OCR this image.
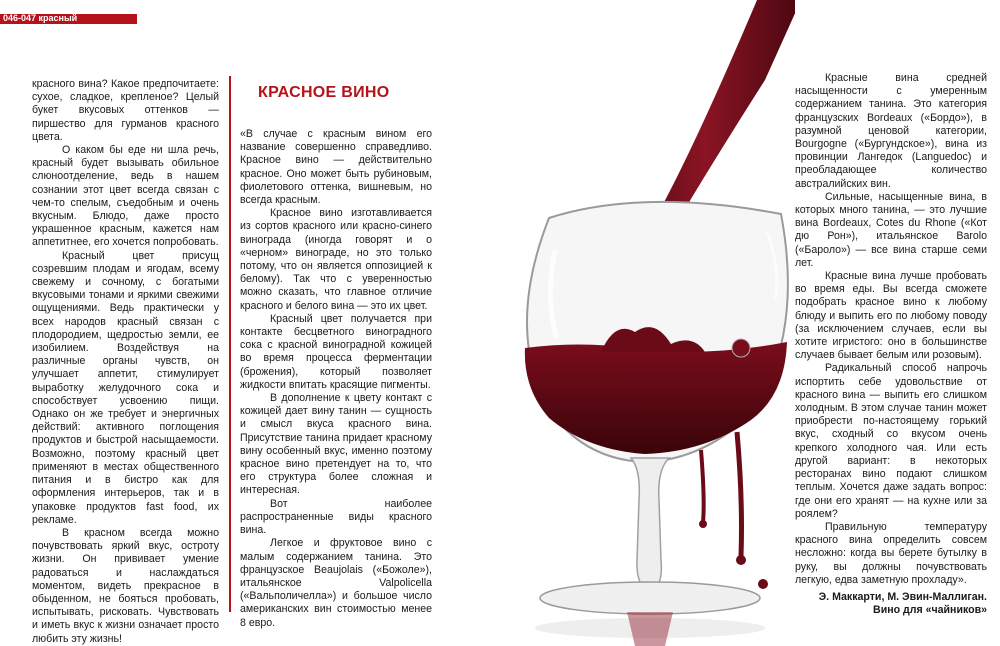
046-047 красный

красного вина? Какое предпочитаете: сухое, сладкое, крепленое? Целый букет вкусовых оттенков — пиршество для гурманов красного цвета.

О каком бы еде ни шла речь, красный будет вызывать обильное слюноотделение, ведь в нашем сознании этот цвет всегда связан с чем-то спелым, съедобным и очень вкусным. Блюдо, даже просто украшенное красным, кажется нам аппетитнее, его хочется попробовать.

Красный цвет присущ созревшим плодам и ягодам, всему свежему и сочному, с богатыми вкусовыми тонами и яркими свежими ощущениями. Ведь практически у всех народов красный связан с плодородием, щедростью земли, ее изобилием. Воздействуя на различные органы чувств, он улучшает аппетит, стимулирует выработку желудочного сока и способствует усвоению пищи. Однако он же требует и энергичных действий: активного поглощения продуктов и быстрой насыщаемости. Возможно, поэтому красный цвет применяют в местах общественного питания и в бистро как для оформления интерьеров, так и в упаковке продуктов fast food, их рекламе.

В красном всегда можно почувствовать яркий вкус, остроту жизни. Он прививает умение радоваться и наслаждаться моментом, видеть прекрасное в обыденном, не бояться пробовать, испытывать, рисковать. Чувствовать и иметь вкус к жизни означает просто любить эту жизнь!

КРАСНОЕ ВИНО

«В случае с красным вином его название совершенно справедливо. Красное вино — действительно красное. Оно может быть рубиновым, фиолетового оттенка, вишневым, но всегда красным.

Красное вино изготавливается из сортов красного или красно-синего винограда (иногда говорят и о «черном» винограде, но это только потому, что он является оппозицией к белому). Так что с уверенностью можно сказать, что главное отличие красного и белого вина — это их цвет.

Красный цвет получается при контакте бесцветного виноградного сока с красной виноградной кожицей во время процесса ферментации (брожения), который позволяет жидкости впитать красящие пигменты.

В дополнение к цвету контакт с кожицей дает вину танин — сущность и смысл вкуса красного вина. Присутствие танина придает красному вину особенный вкус, именно поэтому красное вино претендует на то, что его структура более сложная и интересная.

Вот наиболее распространенные виды красного вина.

Легкое и фруктовое вино с малым содержанием танина. Это французское Beaujolais («Божоле»), итальянское Valpolicella («Вальполичелла») и большое число американских вин стоимостью менее 8 евро.

Красные вина средней насыщенности с умеренным содержанием танина. Это категория французских Bordeaux («Бордо»), в разумной ценовой категории, Bourgogne («Бургундское»), вина из провинции Лангедок (Languedoc) и преобладающее количество австралийских вин.

Сильные, насыщенные вина, в которых много танина, — это лучшие вина Bordeaux, Cotes du Rhone («Кот дю Рон»), итальянское Barolo («Бароло») — все вина старше семи лет.

Красные вина лучше пробовать во время еды. Вы всегда сможете подобрать красное вино к любому блюду и выпить его по любому поводу (за исключением случаев, если вы хотите игристого: оно в большинстве случаев бывает белым или розовым).

Радикальный способ напрочь испортить себе удовольствие от красного вина — выпить его слишком холодным. В этом случае танин может приобрести по-настоящему горький вкус, сходный со вкусом очень крепкого холодного чая. Или есть другой вариант: в некоторых ресторанах вино подают слишком теплым. Хочется даже задать вопрос: где они его хранят — на кухне или за роялем?

Правильную температуру красного вина определить совсем несложно: когда вы берете бутылку в руку, вы должны почувствовать легкую, едва заметную прохладу».

Э. Маккарти, М. Эвин-Маллиган.

Вино для «чайников»
